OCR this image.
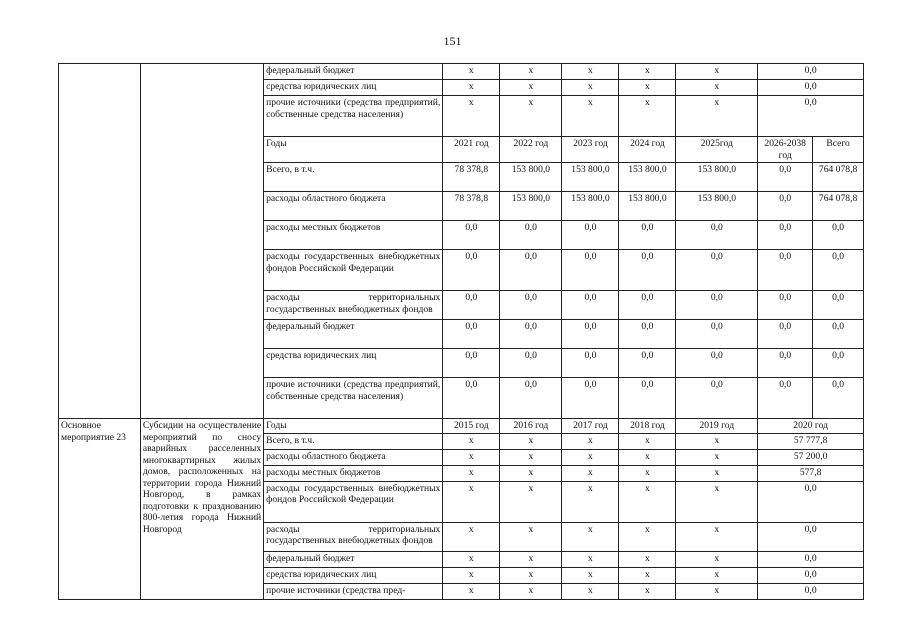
151
		федеральный бюджет	х	х	х	х	х	0,0	
		средства юридических лиц	х	х	х	х	х	0,0	
		прочие источники (средства предприятий, собственные средства населения)	х	х	х	х	х	0,0	
		Годы	2021 год	2022 год	2023 год	2024 год	2025год	2026-2038 год	Всего
		Всего, в т.ч.	78 378,8	153 800,0	153 800,0	153 800,0	153 800,0	0,0	764 078,8
		расходы областного бюджета	78 378,8	153 800,0	153 800,0	153 800,0	153 800,0	0,0	764 078,8
		расходы местных бюджетов	0,0	0,0	0,0	0,0	0,0	0,0	0,0
		расходы государственных внебюджетных фондов Российской Федерации	0,0	0,0	0,0	0,0	0,0	0,0	0,0
		расходы территориальных государственных внебюджетных фондов	0,0	0,0	0,0	0,0	0,0	0,0	0,0
		федеральный бюджет	0,0	0,0	0,0	0,0	0,0	0,0	0,0
		средства юридических лиц	0,0	0,0	0,0	0,0	0,0	0,0	0,0
		прочие источники (средства предприятий, собственные средства населения)	0,0	0,0	0,0	0,0	0,0	0,0	0,0
Основное мероприятие 23	Субсидии на осуществление мероприятий по сносу аварийных расселенных многоквартирных жилых домов, расположенных на территории города Нижний Новгород, в рамках подготовки к празднованию 800-летия города Нижний Новгород	Годы	2015 год	2016 год	2017 год	2018 год	2019 год	2020 год	
		Всего, в т.ч.	х	х	х	х	х	57 777,8	
		расходы областного бюджета	х	х	х	х	х	57 200,0	
		расходы местных бюджетов	х	х	х	х	х	577,8	
		расходы государственных внебюджетных фондов Российской Федерации	х	х	х	х	х	0,0	
		расходы территориальных государственных внебюджетных фондов	х	х	х	х	х	0,0	
		федеральный бюджет	х	х	х	х	х	0,0	
		средства юридических лиц	х	х	х	х	х	0,0	
		прочие источники (средства пред-	х	х	х	х	х	0,0	
